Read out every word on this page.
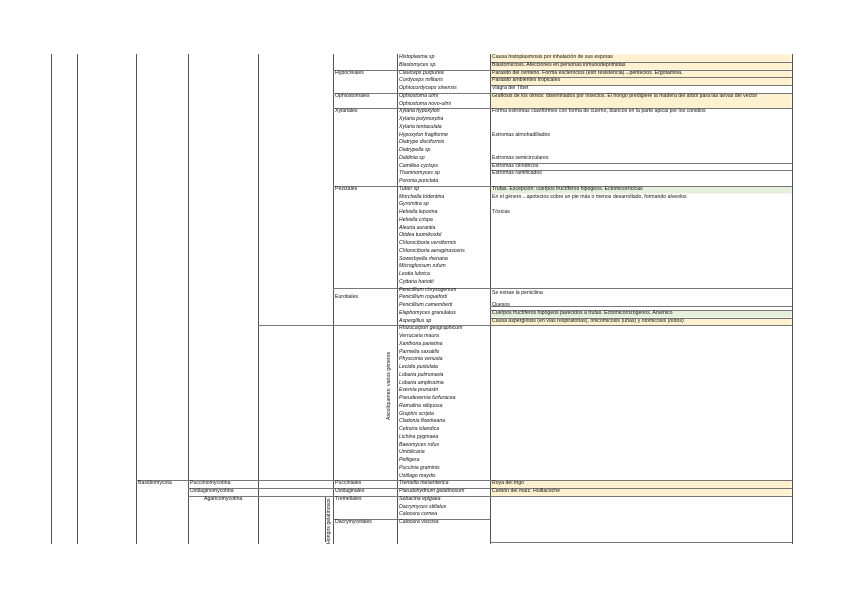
Basidiomycota	Pucciniomycotina
Ustilaginomycotina
Agaricomycotina
Hypocreales
Ophiostomales
Xylariales
Pezizales
Eurotiales
Pucciniales
Ustilaginales
Tremellales
Dacrymycetales
Histoplasma sp
Blastomyces sp.
Claviceps purpurea
Cordyceps militaris
Ophiocordyceps sinensis
Ophiostoma ulmi
Ophiostoma novo-ulmi
Xylaria hypoxylon
Xylaria polymorpha
Xylaria tentaculata
Hypoxylon fragiforme
Diatrype disciformis
Diatrypella sp
Daldinia sp
Camillea cyclops
Thamnomyces sp
Poronia punctata
Tuber sp
Morchella tridentina
Gyromitra sp
Helvella leporina
Helvella crispa
Aleuria aurantia
Otidea tuomikoskii
Chlorociboria versiformis
Chlorociboria aeruginascens
Sowerbyella rhenana
Microglossum rufum
Leotia lubrica
Cyttaria hariotii
Penicillium chrysogenum
Penicillium roqueforti
Penicillium camemberti
Elaphomyces granulatus
Aspergillus sp
Rhizocarpon geographicum
Verrucaria maura
Xanthoria parietina
Parmelia saxatilis
Physconia venusta
Lecidia pustulata
Lobaria pulmonaria
Lobaria amplissima
Evernia prunastri
Pseudevernia furfuracea
Ramalina siliquosa
Graphis scripta
Cladonia floerkeana
Cetraria islandica
Lichina pygmaea
Baeomyces rufus
Umbilicaria
Peltigera
Puccinia graminis
Ustilago maydis
Tremella mesenterica
Pseudohydnum gelatinosum
Sebacina epigaea
Dacrymyces stillatus
Calocera cornea
Calocera viscosa
Causa histoplasmosis por inhalación de sus esporas
Blastomicosis. Afecciones en personas inmunodeprimidas
Parásito del centeno. Forma esclerocios (estr resistencia)→peritecios. Ergotamina.
Parásito ambientes tropicales
Viagra del Tíbet
Grafiosis de los olmos: diseminados por insectos. El hongo predigiere la madera del árbol para las larvas del vector
Forma estromas claviformes con forma de cuerno, blancos en la parte apical por los conidios
Estromas almohadillados
Estromas semicirculares
Estromas cilíndricos
Estromas ramificados
Trufas. Excepción: cuerpos fructíferos hipógeos. Ectomicorrícicas
En el género→apotecios sobre un pie más o menos desarrollado, formando alveolos
Tóxicas
Se extrae la penicilina
Quesos
Cuerpos fructíferos hipógeos parecidos a trufas. Ectomicorrizógenos. Arsénico
Causa aspergilosis (en vías respiratorias), onicomicosis (uñas) y otomicosis (oídos)
Roya del trigo
Carbón del maíz. Huitlacoche
Ascolíquenes: varios géneros
Hongos gelatinosos
